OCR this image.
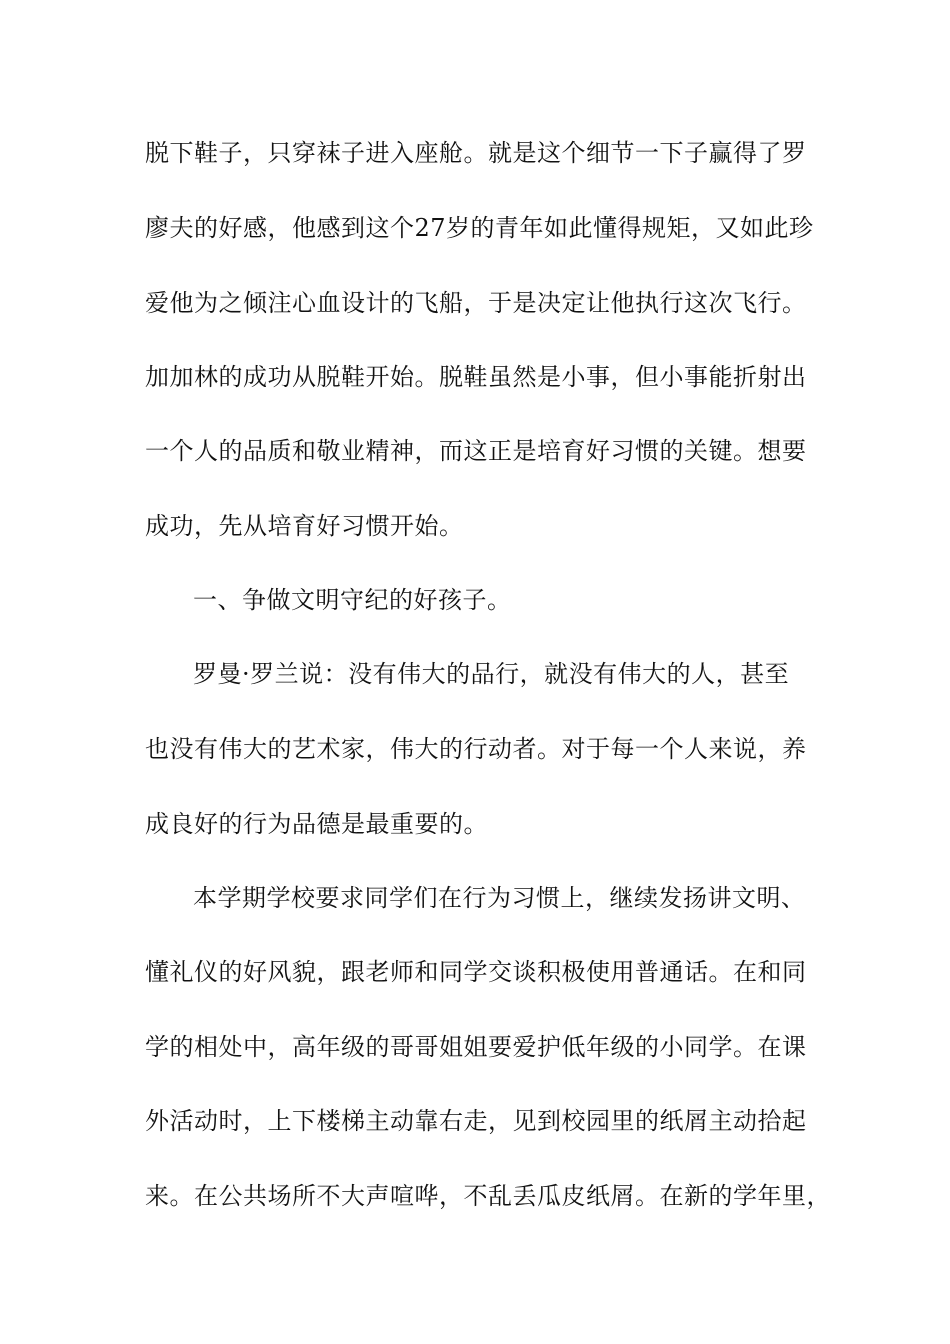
脱下鞋子，只穿袜子进入座舱。就是这个细节一下子赢得了罗
廖夫的好感，他感到这个27岁的青年如此懂得规矩，又如此珍
爱他为之倾注心血设计的飞船，于是决定让他执行这次飞行。
加加林的成功从脱鞋开始。脱鞋虽然是小事，但小事能折射出
一个人的品质和敬业精神，而这正是培育好习惯的关键。想要
成功，先从培育好习惯开始。
一、争做文明守纪的好孩子。
罗曼·罗兰说：没有伟大的品行，就没有伟大的人，甚至
也没有伟大的艺术家，伟大的行动者。对于每一个人来说，养
成良好的行为品德是最重要的。
本学期学校要求同学们在行为习惯上，继续发扬讲文明、
懂礼仪的好风貌，跟老师和同学交谈积极使用普通话。在和同
学的相处中，高年级的哥哥姐姐要爱护低年级的小同学。在课
外活动时，上下楼梯主动靠右走，见到校园里的纸屑主动拾起
来。在公共场所不大声喧哗，不乱丢瓜皮纸屑。在新的学年里，
